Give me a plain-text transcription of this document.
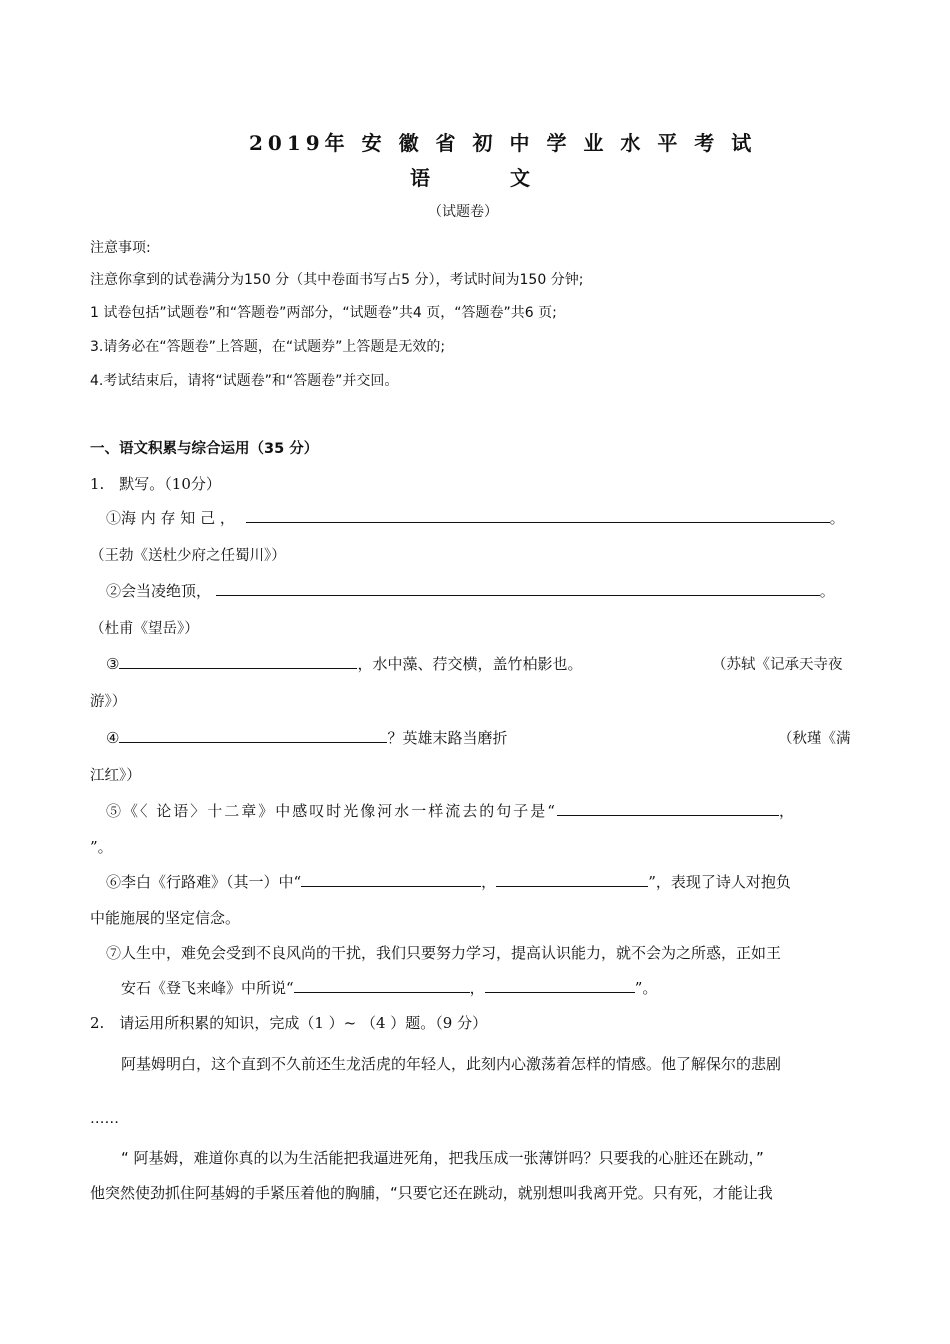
2019年 安 徽 省 初 中 学 业 水 平 考 试
语	文
（试题卷）
注意事项:
注意你拿到的试卷满分为150 分（其中卷面书写占5 分），考试时间为150 分钟;
1 试卷包括”试题卷”和“答题卷”两部分，“试题卷”共4 页，“答题卷”共6 页;
3.请务必在“答题卷”上答题，在“试题券”上答题是无效的;
4.考试结束后，请将“试题卷”和“答题卷”并交回。
一、语文积累与综合运用（35 分）
1.　默写。（10分）
①海 内 存 知 己 ，	。
（王勃《送杜少府之任蜀川》）
②会当凌绝顶，	。
（杜甫《望岳》）
③	，水中藻、荇交横，盖竹柏影也。	（苏轼《记承天寺夜
游》）
④	？英雄末路当磨折	（秋瑾《满
江红》）
⑤《〈 论语〉十二章》中感叹时光像河水一样流去的句子是“	，
”。
⑥李白《行路难》（其一）中“	，	”，表现了诗人对抱负
中能施展的坚定信念。
⑦人生中，难免会受到不良风尚的干扰，我们只要努力学习，提高认识能力，就不会为之所惑，正如王
安石《登飞来峰》中所说“	，	”。
2.　请运用所积累的知识，完成（1 ）~ （4 ）题。（9 分）
阿基姆明白，这个直到不久前还生龙活虎的年轻人，此刻内心激荡着怎样的情感。他了解保尔的悲剧
……
“ 阿基姆，难道你真的以为生活能把我逼进死角，把我压成一张薄饼吗？只要我的心脏还在跳动，”
他突然使劲抓住阿基姆的手紧压着他的胸脯，“只要它还在跳动，就别想叫我离开党。只有死，才能让我
